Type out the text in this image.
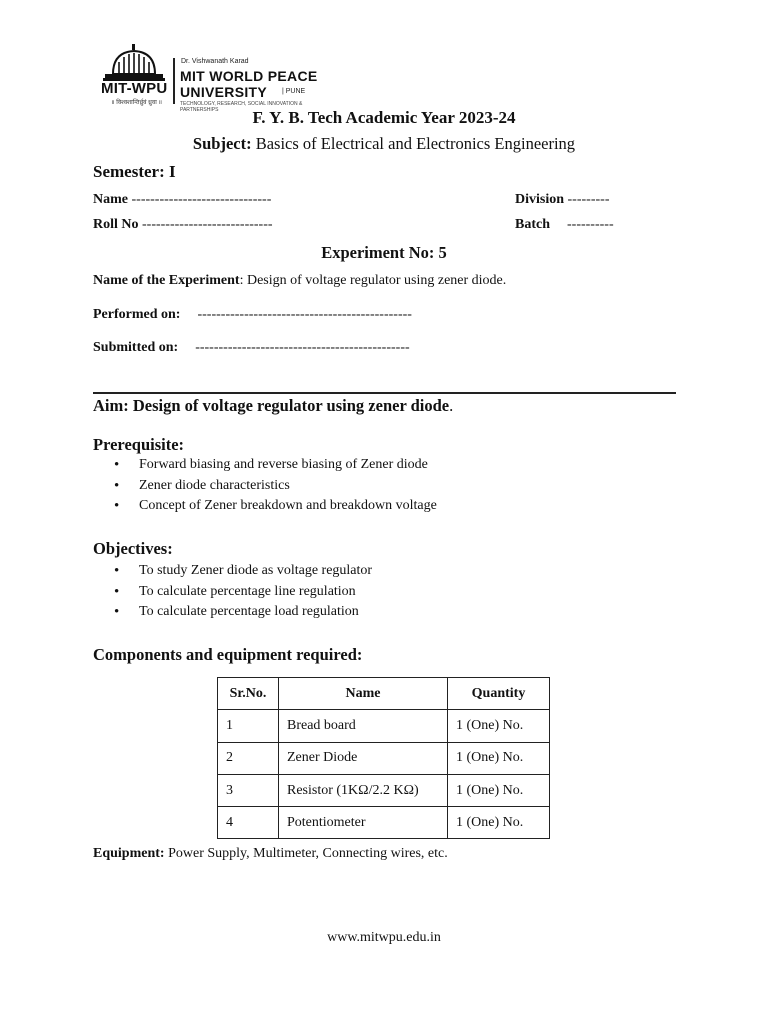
MIT-WPU
॥ विश्वशान्तिर्ध्रुवं ध्रुवा ॥
Dr. Vishwanath Karad
MIT WORLD PEACE
UNIVERSITY | PUNE
TECHNOLOGY, RESEARCH, SOCIAL INNOVATION & PARTNERSHIPS	F. Y. B. Tech Academic Year 2023-24
Subject: Basics of Electrical and Electronics Engineering
Semester: I
Name ------------------------------	Division ---------
Roll No ----------------------------	Batch ----------
Experiment No: 5
Name of the Experiment: Design of voltage regulator using zener diode.
Performed on: ----------------------------------------------
Submitted on: ----------------------------------------------
Aim: Design of voltage regulator using zener diode.
Prerequisite:
• Forward biasing and reverse biasing of Zener diode
• Zener diode characteristics
• Concept of Zener breakdown and breakdown voltage
Objectives:
• To study Zener diode as voltage regulator
• To calculate percentage line regulation
• To calculate percentage load regulation
Components and equipment required:
Sr.No.	Name	Quantity
1	Bread board	1 (One) No.
2	Zener Diode	1 (One) No.
3	Resistor (1KΩ/2.2 KΩ)	1 (One) No.
4	Potentiometer	1 (One) No.
Equipment: Power Supply, Multimeter, Connecting wires, etc.
www.mitwpu.edu.in
